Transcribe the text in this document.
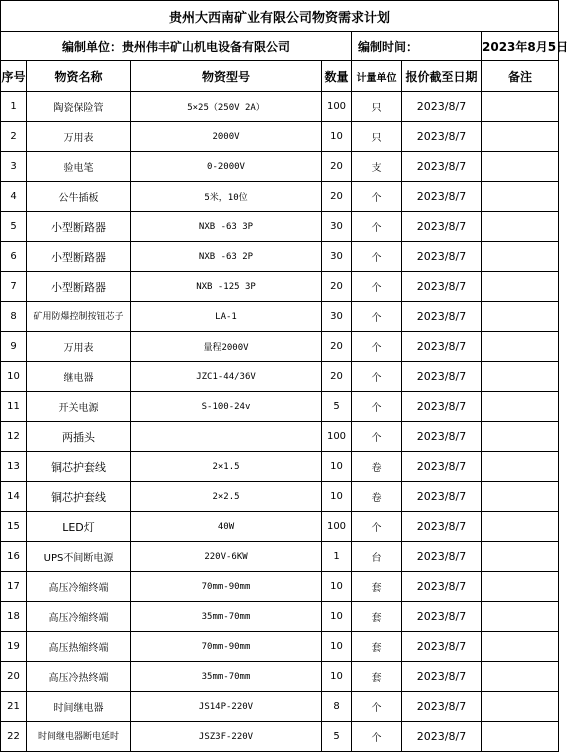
贵州大西南矿业有限公司物资需求计划						
编制单位：贵州伟丰矿山机电设备有限公司				编制时间：		2023年8月5日
序号	物资名称	物资型号	数量	计量单位	报价截至日期	备注
1	陶瓷保险管	5×25（250V 2A）	100	只	2023/8/7	
2	万用表	2000V	10	只	2023/8/7	
3	验电笔	0-2000V	20	支	2023/8/7	
4	公牛插板	5米，10位	20	个	2023/8/7	
5	小型断路器	NXB -63 3P	30	个	2023/8/7	
6	小型断路器	NXB -63 2P	30	个	2023/8/7	
7	小型断路器	NXB -125 3P	20	个	2023/8/7	
8	矿用防爆控制按钮芯子	LA-1	30	个	2023/8/7	
9	万用表	量程2000V	20	个	2023/8/7	
10	继电器	JZC1-44/36V	20	个	2023/8/7	
11	开关电源	S-100-24v	5	个	2023/8/7	
12	两插头		100	个	2023/8/7	
13	铜芯护套线	2×1.5	10	卷	2023/8/7	
14	铜芯护套线	2×2.5	10	卷	2023/8/7	
15	LED灯	40W	100	个	2023/8/7	
16	UPS不间断电源	220V-6KW	1	台	2023/8/7	
17	高压冷缩终端	70mm-90mm	10	套	2023/8/7	
18	高压冷缩终端	35mm-70mm	10	套	2023/8/7	
19	高压热缩终端	70mm-90mm	10	套	2023/8/7	
20	高压冷热终端	35mm-70mm	10	套	2023/8/7	
21	时间继电器	JS14P-220V	8	个	2023/8/7	
22	时间继电器断电延时	JSZ3F-220V	5	个	2023/8/7	
